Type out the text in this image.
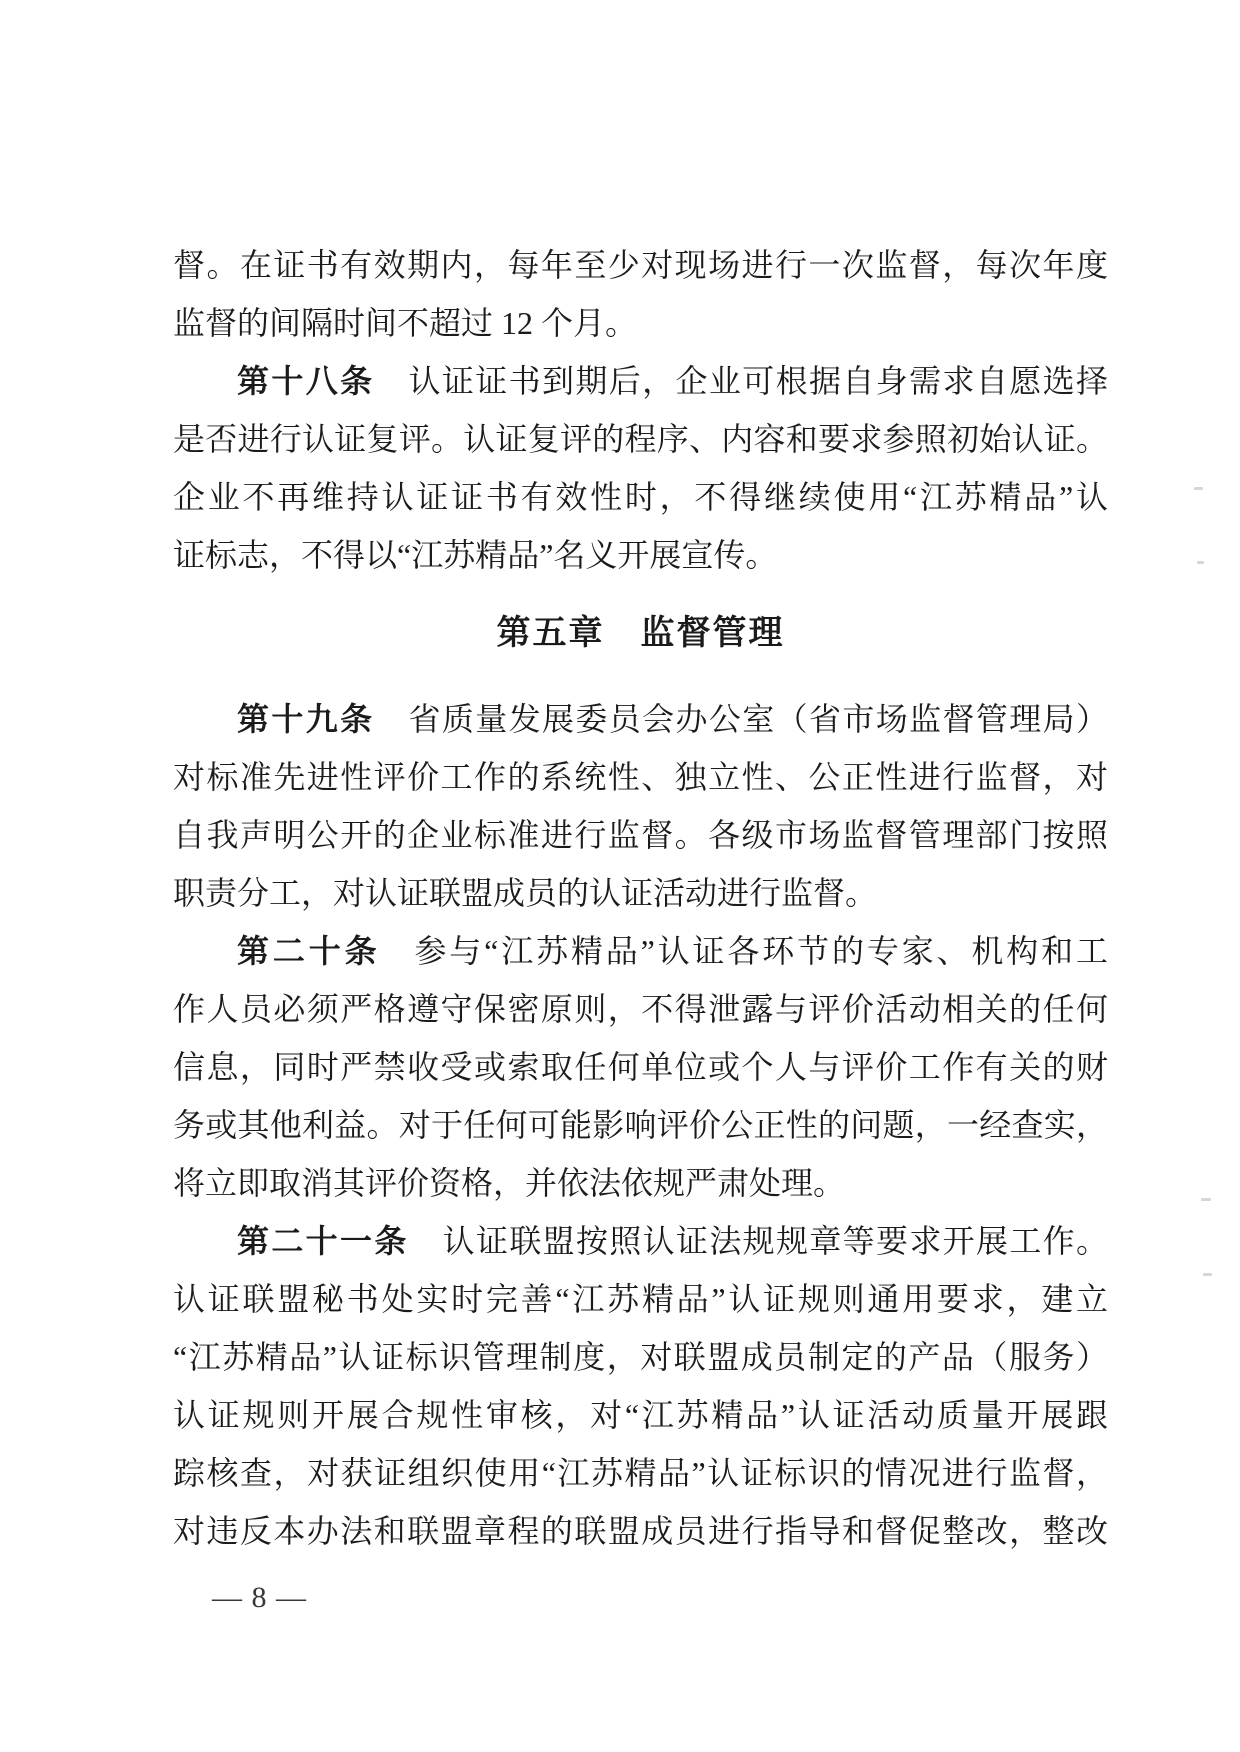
督。在证书有效期内，每年至少对现场进行一次监督，每次年度
监督的间隔时间不超过 12 个月。
第十八条 认证证书到期后，企业可根据自身需求自愿选择
是否进行认证复评。认证复评的程序、内容和要求参照初始认证。
企业不再维持认证证书有效性时，不得继续使用“江苏精品”认
证标志，不得以“江苏精品”名义开展宣传。
第五章　监督管理
第十九条 省质量发展委员会办公室（省市场监督管理局）
对标准先进性评价工作的系统性、独立性、公正性进行监督，对
自我声明公开的企业标准进行监督。各级市场监督管理部门按照
职责分工，对认证联盟成员的认证活动进行监督。
第二十条 参与“江苏精品”认证各环节的专家、机构和工
作人员必须严格遵守保密原则，不得泄露与评价活动相关的任何
信息，同时严禁收受或索取任何单位或个人与评价工作有关的财
务或其他利益。对于任何可能影响评价公正性的问题，一经查实，
将立即取消其评价资格，并依法依规严肃处理。
第二十一条 认证联盟按照认证法规规章等要求开展工作。
认证联盟秘书处实时完善“江苏精品”认证规则通用要求，建立
“江苏精品”认证标识管理制度，对联盟成员制定的产品（服务）
认证规则开展合规性审核，对“江苏精品”认证活动质量开展跟
踪核查，对获证组织使用“江苏精品”认证标识的情况进行监督，
对违反本办法和联盟章程的联盟成员进行指导和督促整改，整改
— 8 —
